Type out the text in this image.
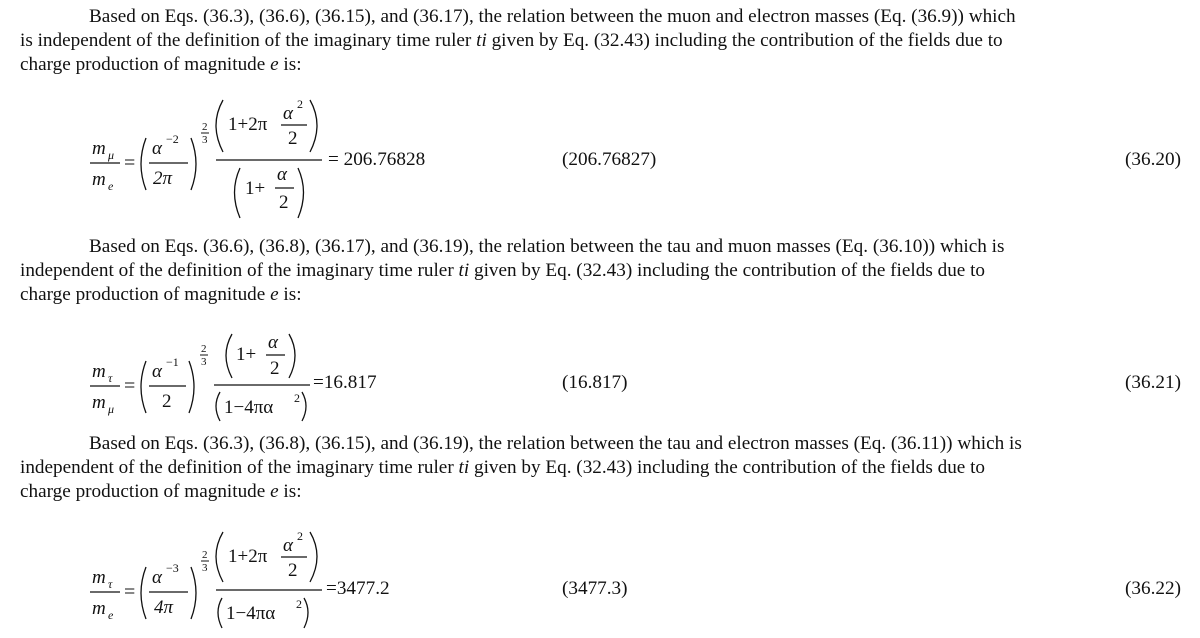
Based on Eqs. (36.3), (36.6), (36.15), and (36.17), the relation between the muon and electron masses (Eq. (36.9)) which
is independent of the definition of the imaginary time ruler ti given by Eq. (32.43) including the contribution of the fields due to
charge production of magnitude e is:
m μ
m e
=
α −2
2π
2
3
1+2π
α 2
2
1+
α
2
= 206.76828	(206.76827)	(36.20)
Based on Eqs. (36.6), (36.8), (36.17), and (36.19), the relation between the tau and muon masses (Eq. (36.10)) which is
independent of the definition of the imaginary time ruler ti given by Eq. (32.43) including the contribution of the fields due to
charge production of magnitude e is:
m τ
m μ
=
α −1
2
2
3 1+
α
2
1−4πα 2
=16.817	(16.817)	(36.21)
Based on Eqs. (36.3), (36.8), (36.15), and (36.19), the relation between the tau and electron masses (Eq. (36.11)) which is
independent of the definition of the imaginary time ruler ti given by Eq. (32.43) including the contribution of the fields due to
charge production of magnitude e is:
m τ
m e
=
α −3
4π
2
3
1+2π
α 2
2
1−4πα 2
=3477.2	(3477.3)	(36.22)
